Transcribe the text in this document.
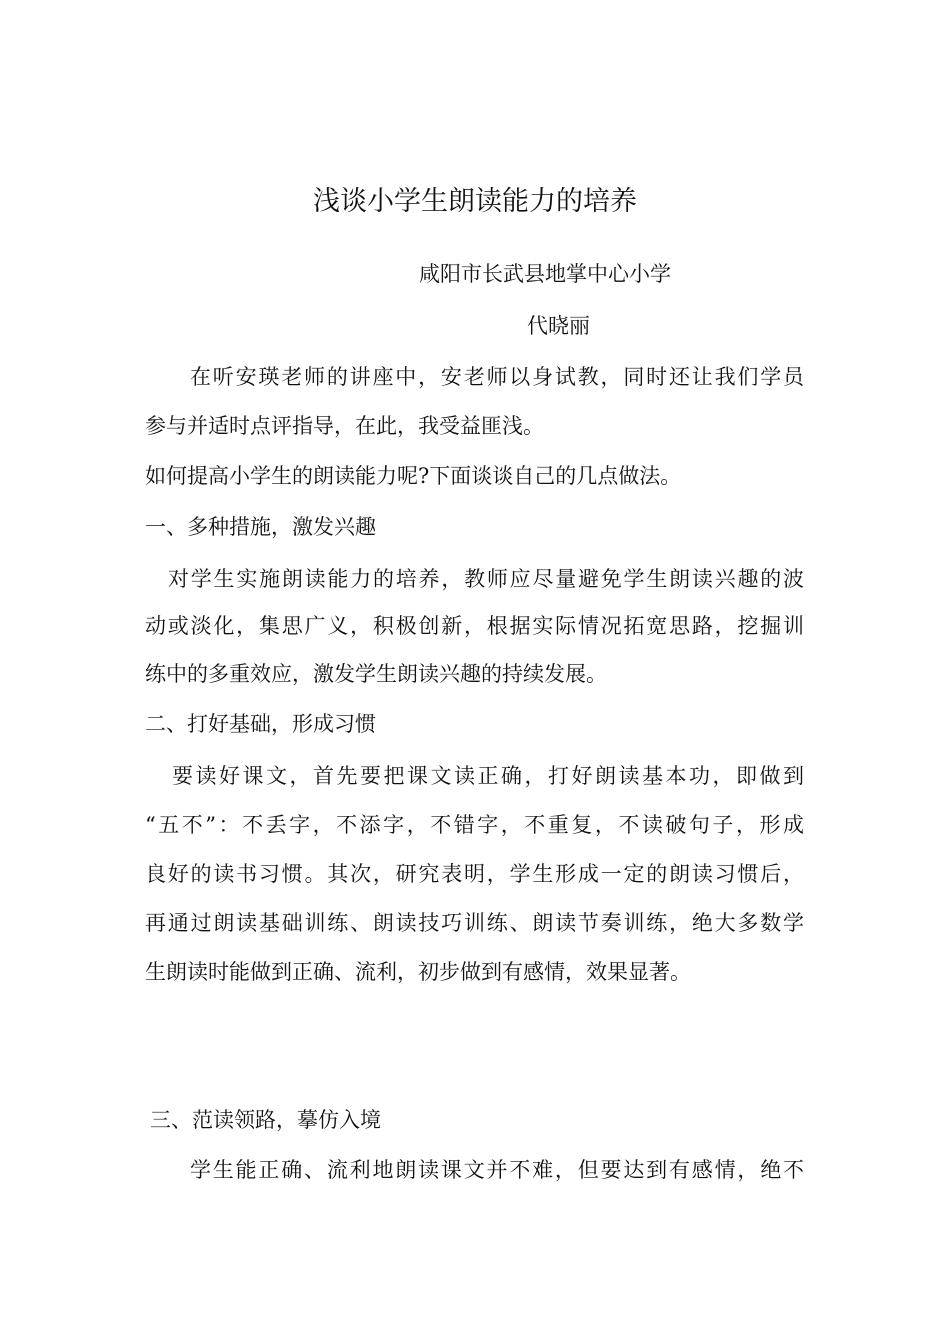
浅谈小学生朗读能力的培养
咸阳市长武县地掌中心小学
代晓丽
在听安瑛老师的讲座中，安老师以身试教，同时还让我们学员
参与并适时点评指导，在此，我受益匪浅。
如何提高小学生的朗读能力呢?下面谈谈自己的几点做法。
一、多种措施，激发兴趣
对学生实施朗读能力的培养，教师应尽量避免学生朗读兴趣的波
动或淡化，集思广义，积极创新，根据实际情况拓宽思路，挖掘训
练中的多重效应，激发学生朗读兴趣的持续发展。
二、打好基础，形成习惯
要读好课文，首先要把课文读正确，打好朗读基本功，即做到
“五不”：不丢字，不添字，不错字，不重复，不读破句子，形成
良好的读书习惯。其次，研究表明，学生形成一定的朗读习惯后，
再通过朗读基础训练、朗读技巧训练、朗读节奏训练，绝大多数学
生朗读时能做到正确、流利，初步做到有感情，效果显著。
三、范读领路，摹仿入境
学生能正确、流利地朗读课文并不难，但要达到有感情，绝不
